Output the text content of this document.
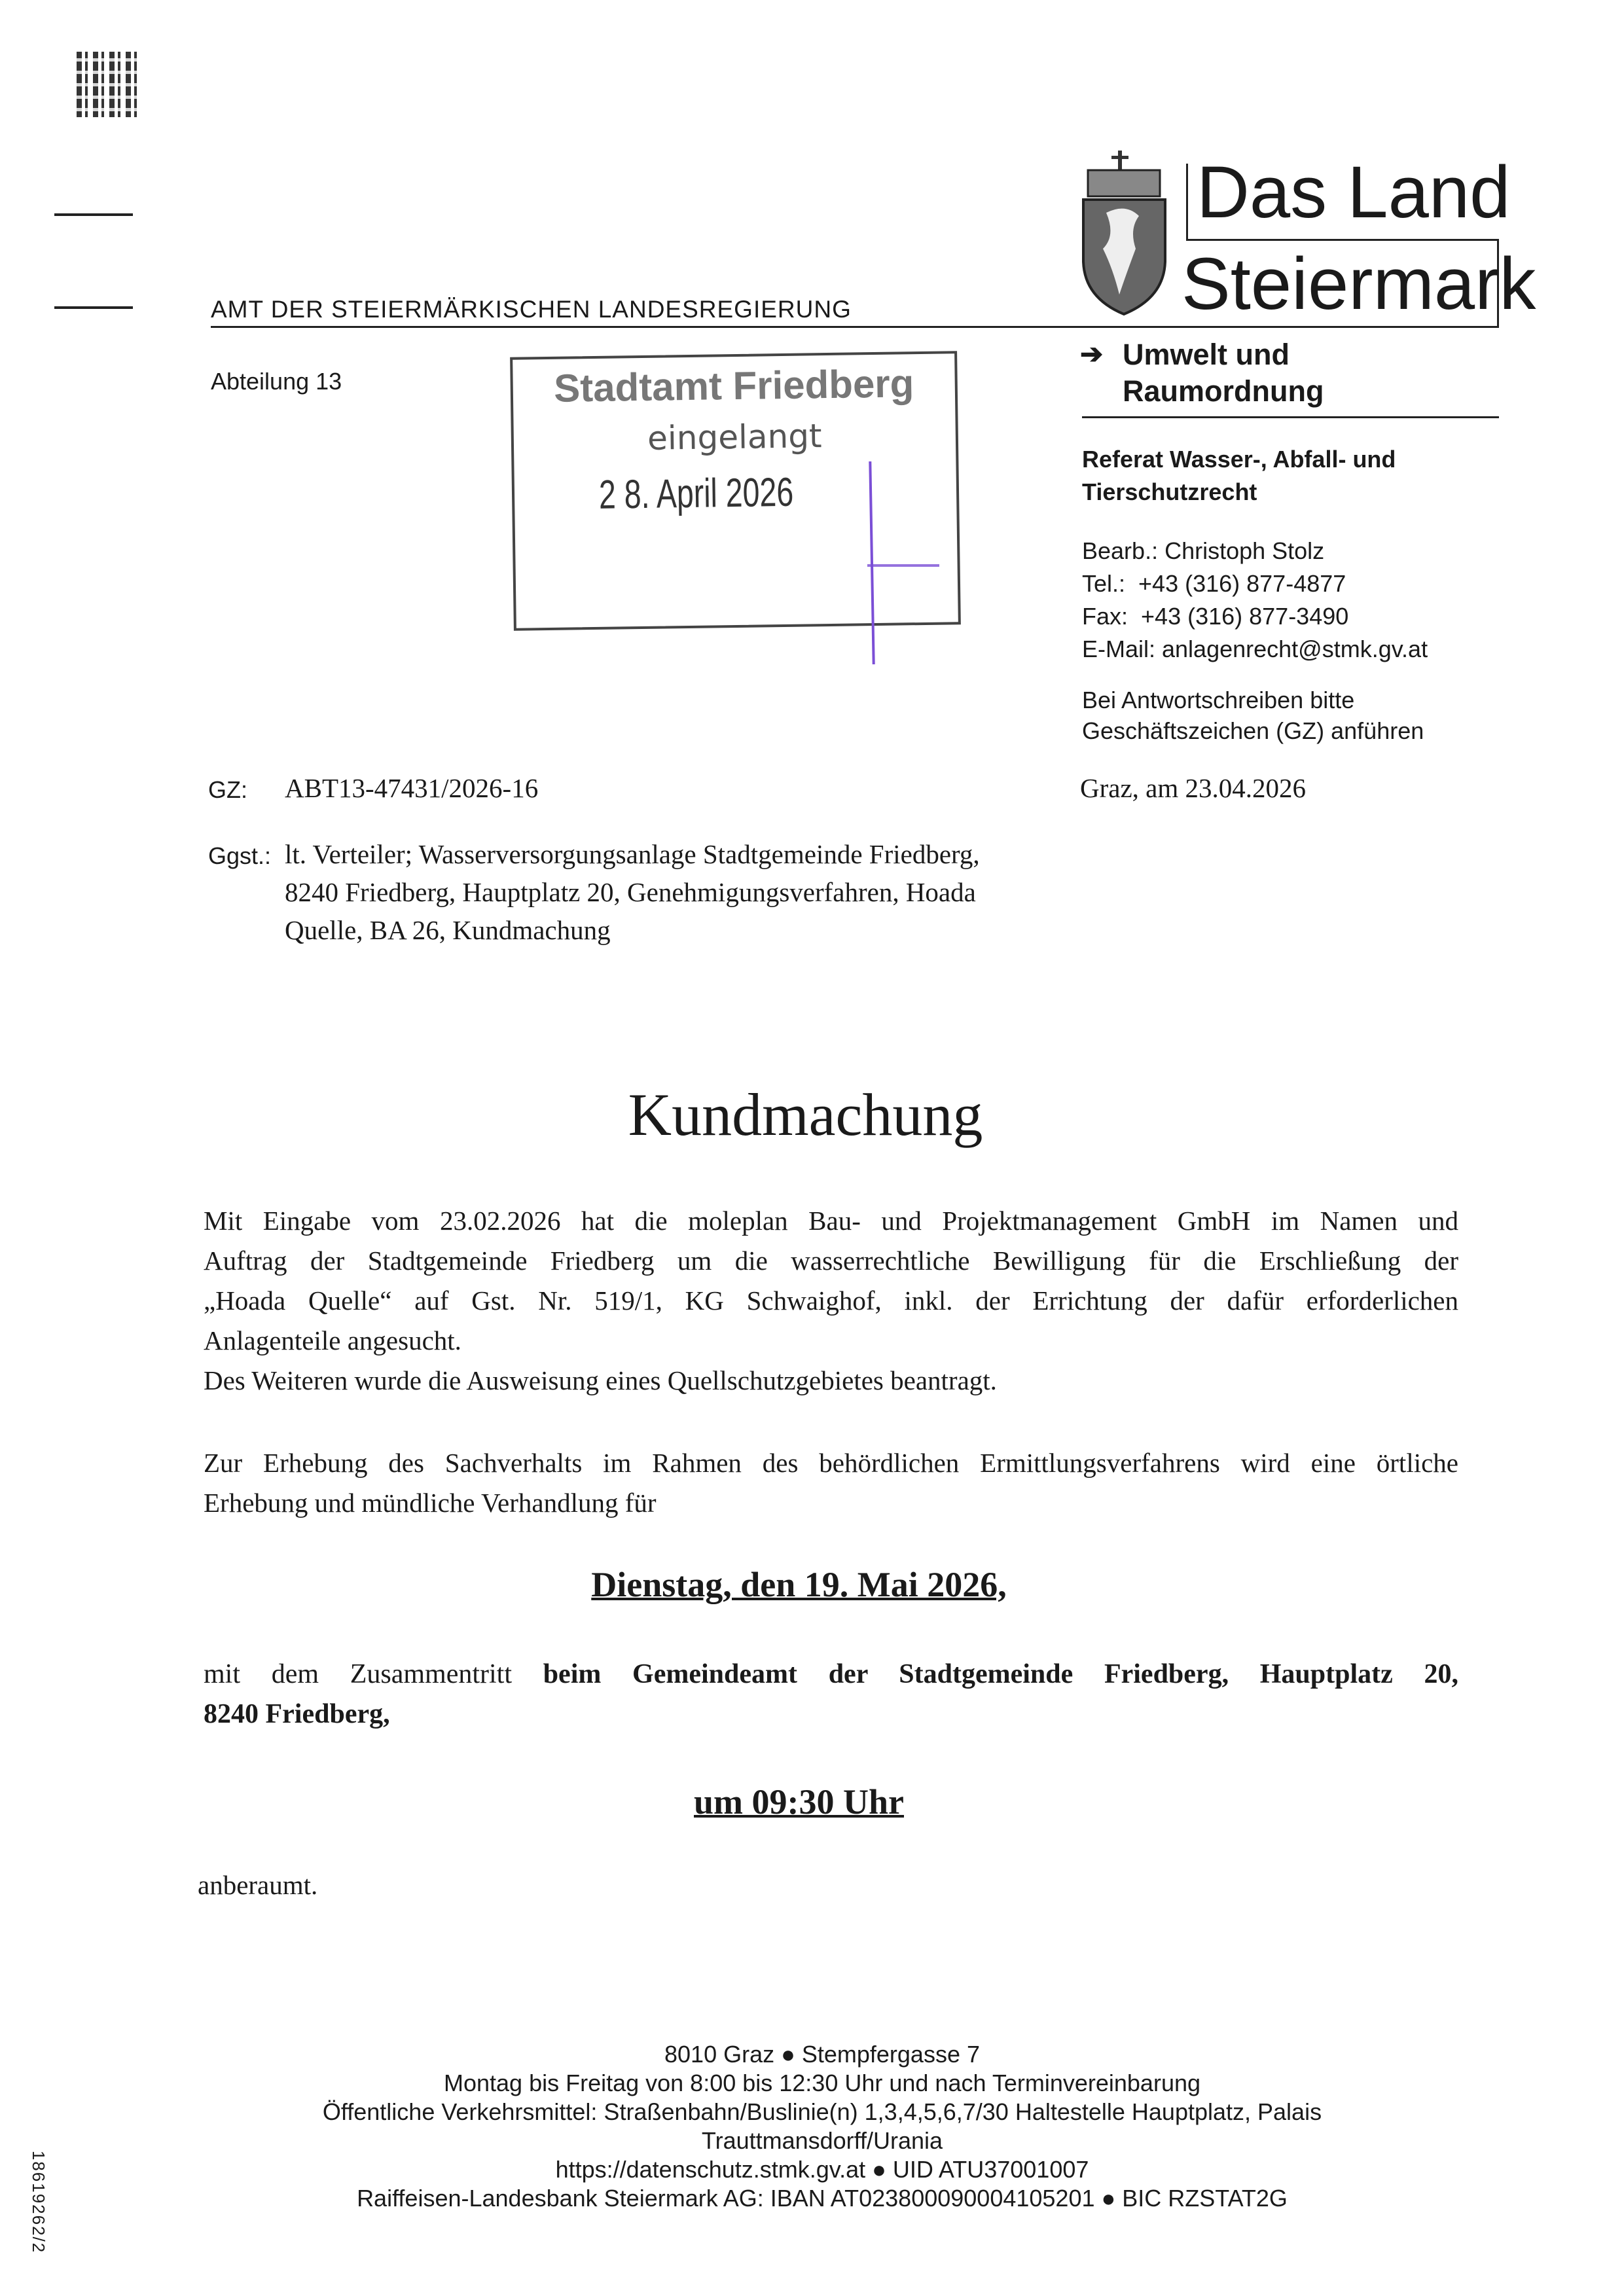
AMT DER STEIERMÄRKISCHEN LANDESREGIERUNG
Das Land
Steiermark
➔ Umwelt und
Raumordnung
Referat Wasser-, Abfall- und
Tierschutzrecht
Bearb.: Christoph Stolz
Tel.:  +43 (316) 877-4877
Fax:  +43 (316) 877-3490
E-Mail: anlagenrecht@stmk.gv.at
Bei Antwortschreiben bitte
Geschäftszeichen (GZ) anführen
Abteilung 13	Stadtamt Friedberg
eingelangt
2 8. April 2026
GZ: ABT13-47431/2026-16	Graz, am 23.04.2026
Ggst.: lt. Verteiler; Wasserversorgungsanlage Stadtgemeinde Friedberg,
8240 Friedberg, Hauptplatz 20, Genehmigungsverfahren, Hoada
Quelle, BA 26, Kundmachung
Kundmachung
Mit Eingabe vom 23.02.2026 hat die moleplan Bau- und Projektmanagement GmbH im Namen und
Auftrag der Stadtgemeinde Friedberg um die wasserrechtliche Bewilligung für die Erschließung der
„Hoada Quelle“ auf Gst. Nr. 519/1, KG Schwaighof, inkl. der Errichtung der dafür erforderlichen
Anlagenteile angesucht.
Des Weiteren wurde die Ausweisung eines Quellschutzgebietes beantragt.
Zur Erhebung des Sachverhalts im Rahmen des behördlichen Ermittlungsverfahrens wird eine örtliche
Erhebung und mündliche Verhandlung für
Dienstag, den 19. Mai 2026,
mit dem Zusammentritt beim Gemeindeamt der Stadtgemeinde Friedberg, Hauptplatz 20,
8240 Friedberg,
um 09:30 Uhr
anberaumt.
8010 Graz ● Stempfergasse 7
Montag bis Freitag von 8:00 bis 12:30 Uhr und nach Terminvereinbarung
Öffentliche Verkehrsmittel: Straßenbahn/Buslinie(n) 1,3,4,5,6,7/30 Haltestelle Hauptplatz, Palais
Trauttmansdorff/Urania
https://datenschutz.stmk.gv.at ● UID ATU37001007
Raiffeisen-Landesbank Steiermark AG: IBAN AT023800090004105201 ● BIC RZSTAT2G
18619262/2
